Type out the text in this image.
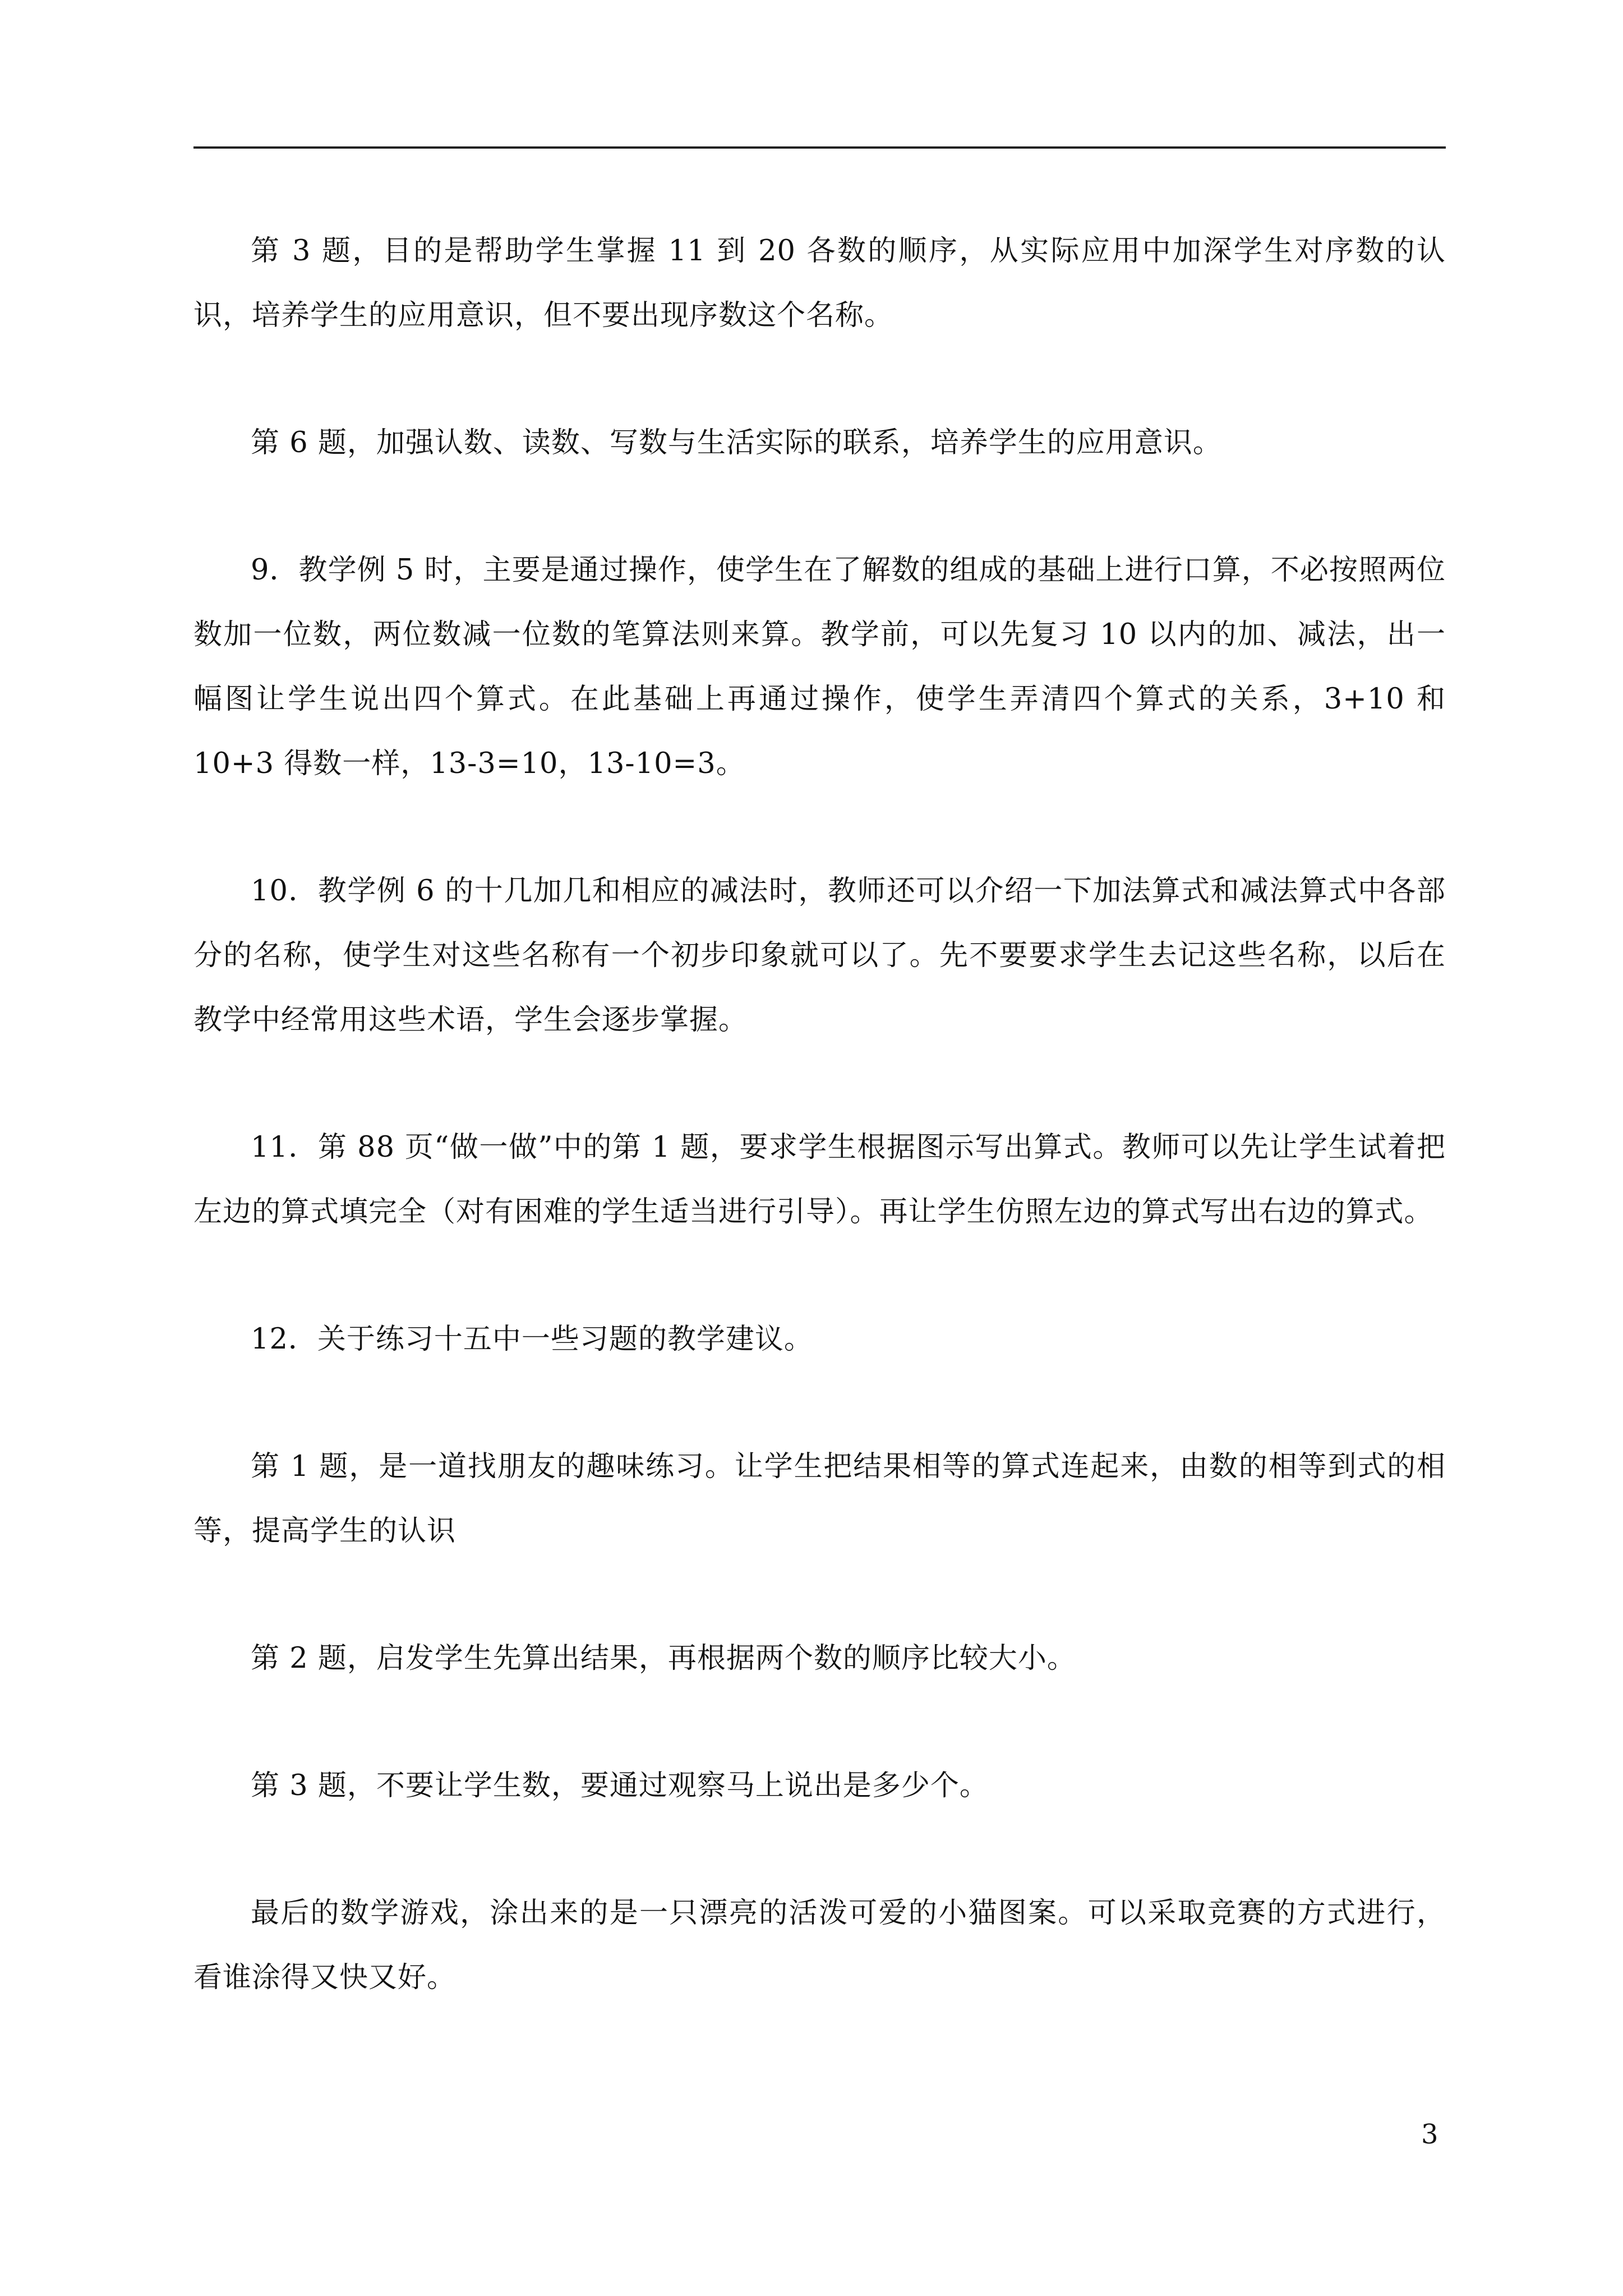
第 3 题，目的是帮助学生掌握 11 到 20 各数的顺序，从实际应用中加深学生对序数的认识，培养学生的应用意识，但不要出现序数这个名称。

第 6 题，加强认数、读数、写数与生活实际的联系，培养学生的应用意识。

9．教学例 5 时，主要是通过操作，使学生在了解数的组成的基础上进行口算，不必按照两位数加一位数，两位数减一位数的笔算法则来算。教学前，可以先复习 10 以内的加、减法，出一幅图让学生说出四个算式。在此基础上再通过操作，使学生弄清四个算式的关系，3+10 和 10+3 得数一样，13-3=10，13-10=3。

10．教学例 6 的十几加几和相应的减法时，教师还可以介绍一下加法算式和减法算式中各部分的名称，使学生对这些名称有一个初步印象就可以了。先不要要求学生去记这些名称，以后在教学中经常用这些术语，学生会逐步掌握。

11．第 88 页“做一做”中的第 1 题，要求学生根据图示写出算式。教师可以先让学生试着把左边的算式填完全（对有困难的学生适当进行引导）。再让学生仿照左边的算式写出右边的算式。

12．关于练习十五中一些习题的教学建议。

第 1 题，是一道找朋友的趣味练习。让学生把结果相等的算式连起来，由数的相等到式的相等，提高学生的认识

第 2 题，启发学生先算出结果，再根据两个数的顺序比较大小。

第 3 题，不要让学生数，要通过观察马上说出是多少个。

最后的数学游戏，涂出来的是一只漂亮的活泼可爱的小猫图案。可以采取竞赛的方式进行，看谁涂得又快又好。

3
